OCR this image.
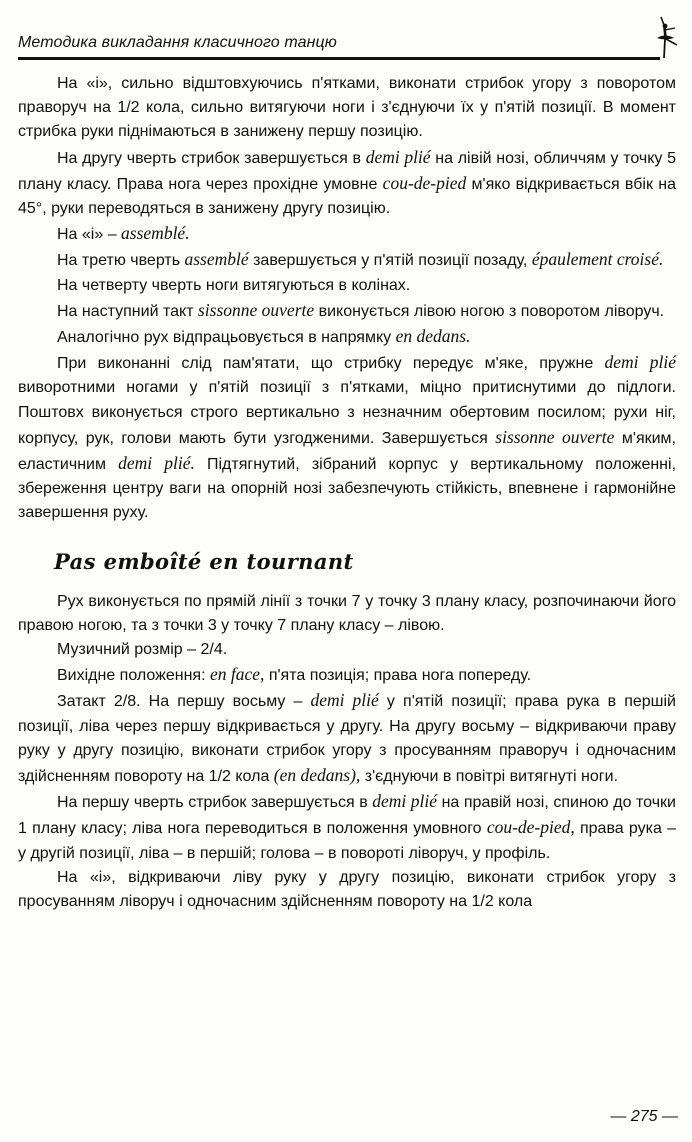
Методика викладання класичного танцю

На «і», сильно відштовхуючись п'ятками, виконати стрибок угору з поворотом праворуч на 1/2 кола, сильно витягуючи ноги і з'єднуючи їх у п'ятій позиції. В момент стрибка руки піднімаються в занижену першу позицію.

На другу чверть стрибок завершується в demi plié на лівій нозі, обличчям у точку 5 плану класу. Права нога через прохідне умовне cou-de-pied м'яко відкривається вбік на 45°, руки переводяться в занижену другу позицію.

На «і» – assemblé.

На третю чверть assemblé завершується у п'ятій позиції позаду, épaulement croisé.

На четверту чверть ноги витягуються в колінах.

На наступний такт sissonne ouverte виконується лівою ногою з поворотом ліворуч.

Аналогічно рух відпрацьовується в напрямку en dedans.

При виконанні слід пам'ятати, що стрибку передує м'яке, пружне demi plié виворотними ногами у п'ятій позиції з п'ятками, міцно притиснутими до підлоги. Поштовх виконується строго вертикально з незначним обертовим посилом; рухи ніг, корпусу, рук, голови мають бути узгодженими. Завершується sissonne ouverte м'яким, еластичним demi plié. Підтягнутий, зібраний корпус у вертикальному положенні, збереження центру ваги на опорній нозі забезпечують стійкість, впевнене і гармонійне завершення руху.

Pas emboîté en tournant

Рух виконується по прямій лінії з точки 7 у точку 3 плану класу, розпочинаючи його правою ногою, та з точки 3 у точку 7 плану класу – лівою.

Музичний розмір – 2/4.

Вихідне положення: en face, п'ята позиція; права нога попереду.

Затакт 2/8. На першу восьму – demi plié у п'ятій позиції; права рука в першій позиції, ліва через першу відкривається у другу. На другу восьму – відкриваючи праву руку у другу позицію, виконати стрибок угору з просуванням праворуч і одночасним здійсненням повороту на 1/2 кола (en dedans), з'єднуючи в повітрі витягнуті ноги.

На першу чверть стрибок завершується в demi plié на правій нозі, спиною до точки 1 плану класу; ліва нога переводиться в положення умовного cou-de-pied, права рука – у другій позиції, ліва – в першій; голова – в повороті ліворуч, у профіль.

На «і», відкриваючи ліву руку у другу позицію, виконати стрибок угору з просуванням ліворуч і одночасним здійсненням повороту на 1/2 кола

— 275 —
